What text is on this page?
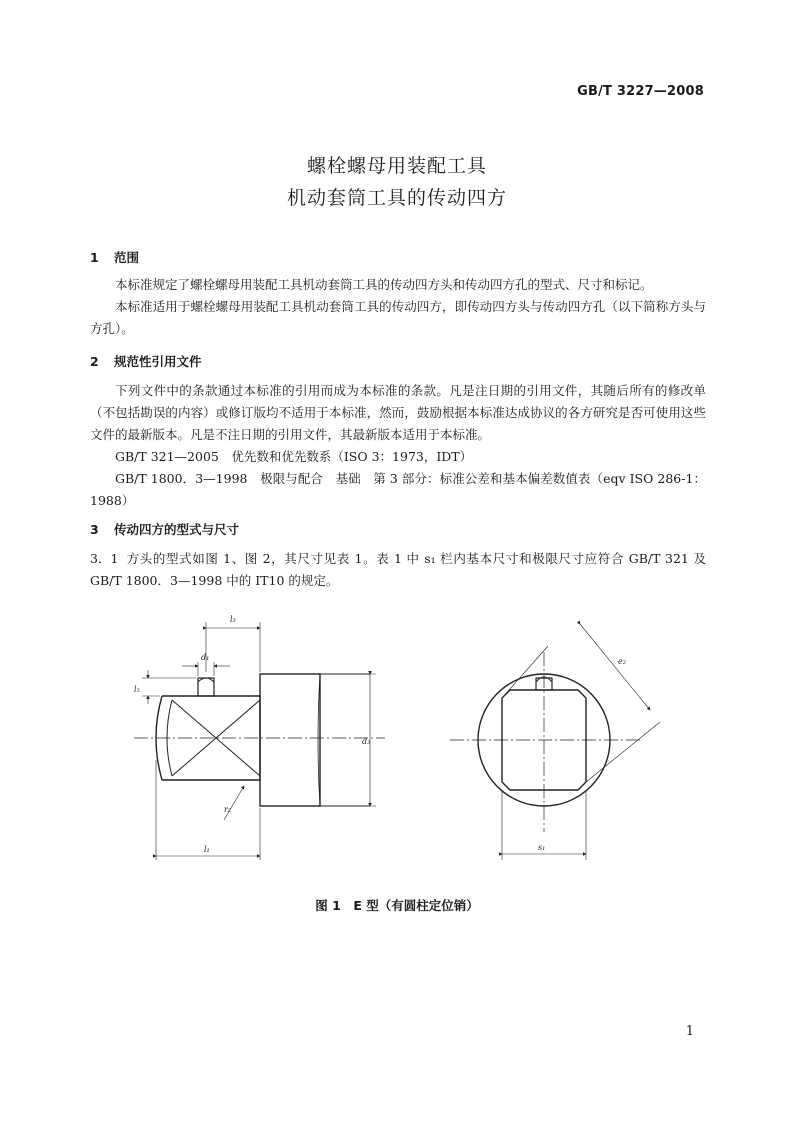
GB/T 3227—2008
螺栓螺母用装配工具
机动套筒工具的传动四方
1 范围
本标准规定了螺栓螺母用装配工具机动套筒工具的传动四方头和传动四方孔的型式、尺寸和标记。
本标准适用于螺栓螺母用装配工具机动套筒工具的传动四方，即传动四方头与传动四方孔（以下简称方头与方孔）。
2 规范性引用文件
下列文件中的条款通过本标准的引用而成为本标准的条款。凡是注日期的引用文件，其随后所有的修改单（不包括勘误的内容）或修订版均不适用于本标准，然而，鼓励根据本标准达成协议的各方研究是否可使用这些文件的最新版本。凡是不注日期的引用文件，其最新版本适用于本标准。
GB/T 321—2005　优先数和优先数系（ISO 3：1973，IDT）
GB/T 1800．3—1998　极限与配合　基础　第 3 部分：标准公差和基本偏差数值表（eqv ISO 286-1：1988）
3 传动四方的型式与尺寸
3．1 方头的型式如图 1、图 2，其尺寸见表 1。表 1 中 s₁ 栏内基本尺寸和极限尺寸应符合 GB/T 321 及 GB/T 1800．3—1998 中的 IT10 的规定。
l₃
d₁
l₅
d₃
r₂
l₁
e₂
s₁
图 1　E 型（有圆柱定位销）
1
